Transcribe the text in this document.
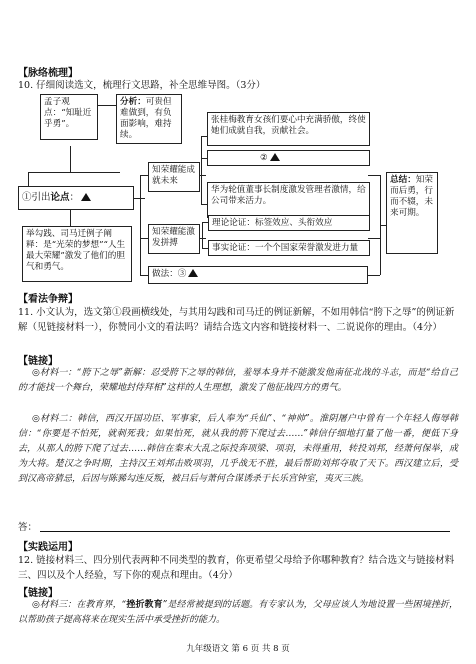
【脉络梳理】
10. 仔细阅读选文，梳理行文思路，补全思维导图。（3分）
孟子观点：“知耻近乎勇”。
分析：可贵但难做到，有负面影响，难持续。
张桂梅教育女孩们要心中充满骄傲，终使她们成就自我，贡献社会。
②
华为轮值董事长制度激发管理者激情，给公司带来活力。
知荣耀能成就未来
①引出论点：
知荣耀能激发拼搏
理论论证：标签效应、头衔效应
事实论证：一个个国家荣誉激发进力量
举勾践、司马迁例子阐释：是“光荣的梦想”“人生最大荣耀”激发了他们的胆气和勇气。
做法：③
总结：知荣而后勇，行而不辍，未来可期。
【看法争辩】
11. 小文认为，选文第①段画横线处，与其用勾践和司马迁的例证新解，不如用韩信“胯下之辱”的例证新解（见链接材料一），你赞同小文的看法吗？请结合选文内容和链接材料一、二说说你的理由。（4分）
【链接】

◎材料一：“胯下之辱”新解：忍受胯下之辱的韩信，羞辱本身并不能激发他南征北战的斗志，而是“给自己的才能找一个舞台，荣耀地封侍拜相”这样的人生理想，激发了他征战四方的勇气。

◎材料二：韩信，西汉开国功臣、军事家，后人奉为“兵仙”、“神帅”。淮阴屠户中曾有一个年轻人侮辱韩信：“你要是不怕死，就刺死我；如果怕死，就从我的胯下爬过去……”韩信仔细地打量了他一番，便低下身去，从那人的胯下爬了过去……韩信在秦末大乱之际投奔项梁、项羽，未得重用，转投刘邦，经萧何保举，成为大将。楚汉之争时期，主持汉王刘邦击败项羽，几乎战无不胜，最后帮助刘邦夺取了天下。西汉建立后，受到汉高帝猜忌，后因与陈豨勾连反叛，被吕后与萧何合谋诱杀于长乐宫钟室，夷灭三族。

答：
【实践运用】
12. 链接材料三、四分别代表两种不同类型的教育，你更希望父母给予你哪种教育？结合选文与链接材料三、四以及个人经验，写下你的观点和理由。（4分）
【链接】

◎材料三：在教育界，“挫折教育”是经常被提到的话题。有专家认为，父母应该人为地设置一些困境挫折，以帮助孩子提高将来在现实生活中承受挫折的能力。

九年级语文 第 6 页 共 8 页
